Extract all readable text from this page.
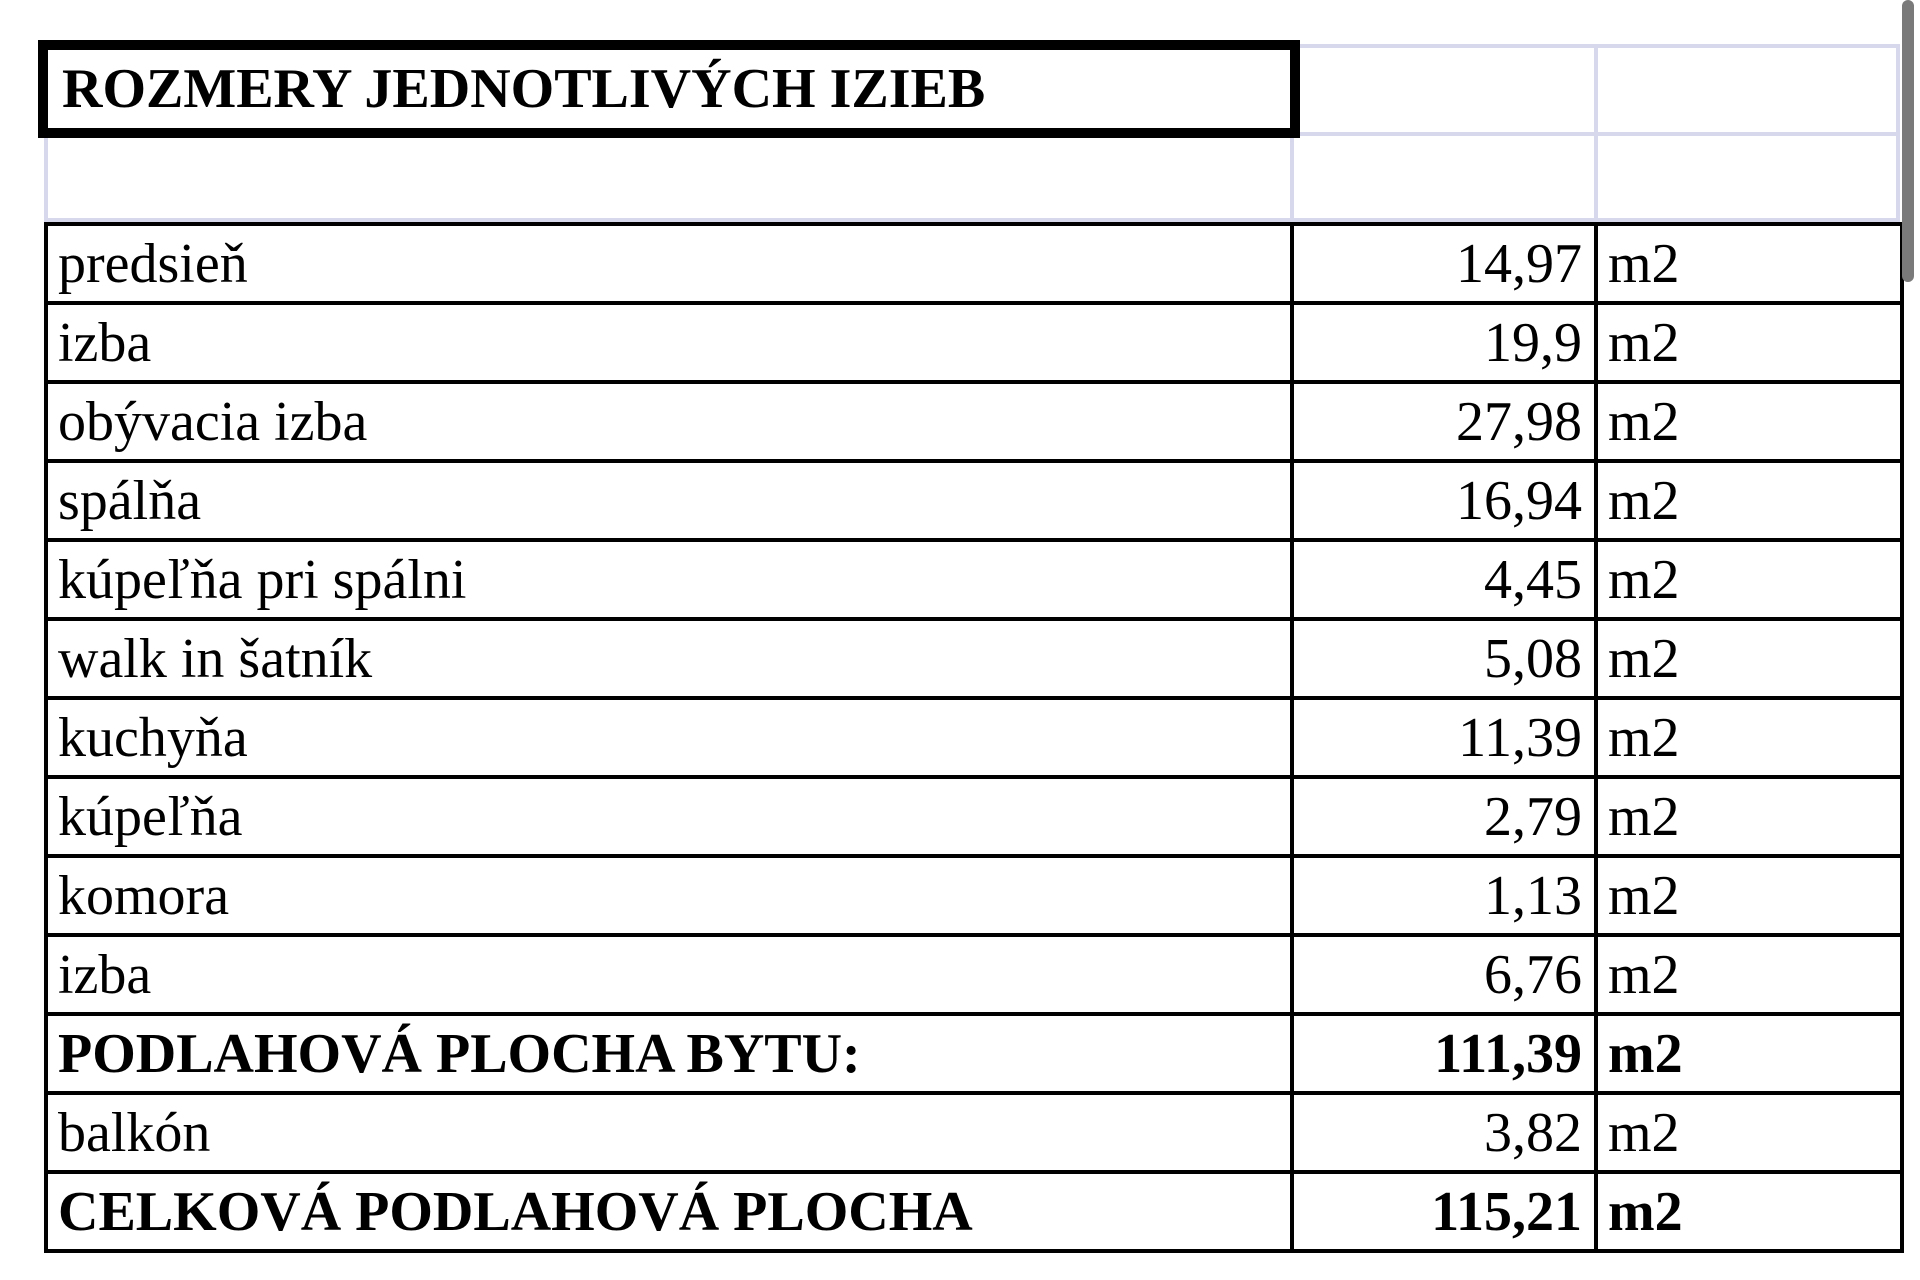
ROZMERY JEDNOTLIVÝCH IZIEB
predsieň	14,97	m2
izba	19,9	m2
obývacia izba	27,98	m2
spálňa	16,94	m2
kúpeľňa pri spálni	4,45	m2
walk in šatník	5,08	m2
kuchyňa	11,39	m2
kúpeľňa	2,79	m2
komora	1,13	m2
izba	6,76	m2
PODLAHOVÁ PLOCHA BYTU:	111,39	m2
balkón	3,82	m2
CELKOVÁ PODLAHOVÁ PLOCHA	115,21	m2
